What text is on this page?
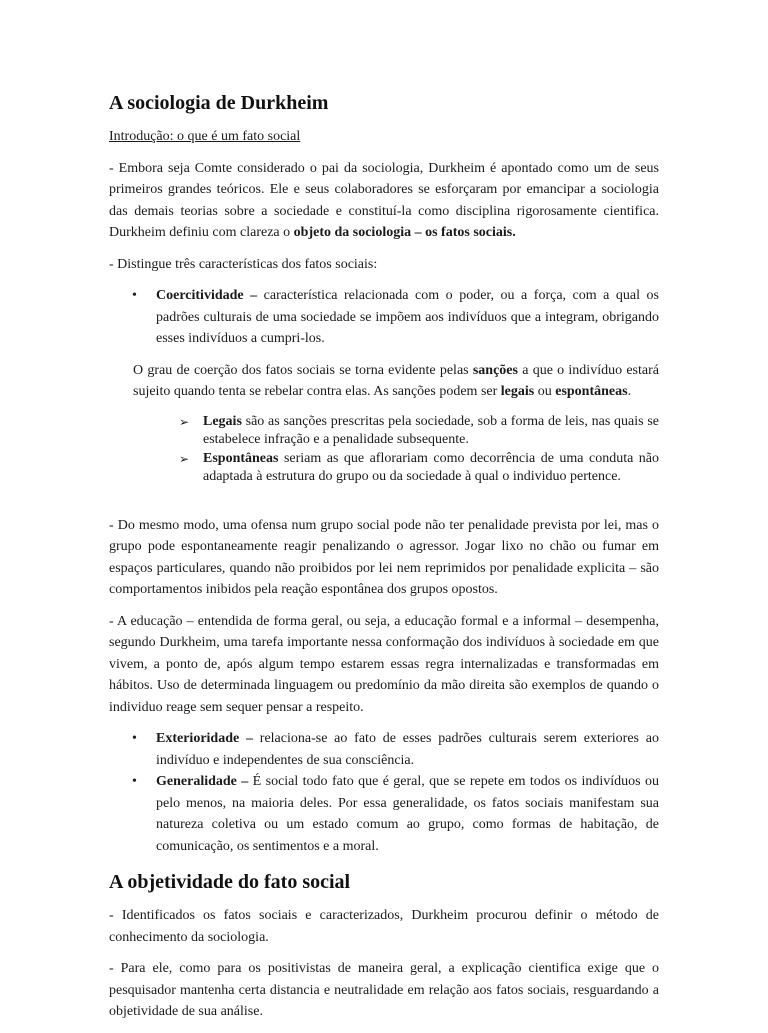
A sociologia de Durkheim
Introdução: o que é um fato social

- Embora seja Comte considerado o pai da sociologia, Durkheim é apontado como um de seus primeiros grandes teóricos. Ele e seus colaboradores se esforçaram por emancipar a sociologia das demais teorias sobre a sociedade e constituí-la como disciplina rigorosamente cientifica. Durkheim definiu com clareza o objeto da sociologia – os fatos sociais.

- Distingue três características dos fatos sociais:

• Coercitividade – característica relacionada com o poder, ou a força, com a qual os padrões culturais de uma sociedade se impõem aos indivíduos que a integram, obrigando esses indivíduos a cumpri-los.

O grau de coerção dos fatos sociais se torna evidente pelas sanções a que o indivíduo estará sujeito quando tenta se rebelar contra elas. As sanções podem ser legais ou espontâneas.

➢ Legais são as sanções prescritas pela sociedade, sob a forma de leis, nas quais se estabelece infração e a penalidade subsequente.
➢ Espontâneas seriam as que aflorariam como decorrência de uma conduta não adaptada à estrutura do grupo ou da sociedade à qual o individuo pertence.

- Do mesmo modo, uma ofensa num grupo social pode não ter penalidade prevista por lei, mas o grupo pode espontaneamente reagir penalizando o agressor. Jogar lixo no chão ou fumar em espaços particulares, quando não proibidos por lei nem reprimidos por penalidade explicita – são comportamentos inibidos pela reação espontânea dos grupos opostos.

- A educação – entendida de forma geral, ou seja, a educação formal e a informal – desempenha, segundo Durkheim, uma tarefa importante nessa conformação dos indivíduos à sociedade em que vivem, a ponto de, após algum tempo estarem essas regra internalizadas e transformadas em hábitos. Uso de determinada linguagem ou predomínio da mão direita são exemplos de quando o individuo reage sem sequer pensar a respeito.

• Exterioridade – relaciona-se ao fato de esses padrões culturais serem exteriores ao indivíduo e independentes de sua consciência.
• Generalidade – É social todo fato que é geral, que se repete em todos os indivíduos ou pelo menos, na maioria deles. Por essa generalidade, os fatos sociais manifestam sua natureza coletiva ou um estado comum ao grupo, como formas de habitação, de comunicação, os sentimentos e a moral.
A objetividade do fato social

- Identificados os fatos sociais e caracterizados, Durkheim procurou definir o método de conhecimento da sociologia.

- Para ele, como para os positivistas de maneira geral, a explicação cientifica exige que o pesquisador mantenha certa distancia e neutralidade em relação aos fatos sociais, resguardando a objetividade de sua análise.
